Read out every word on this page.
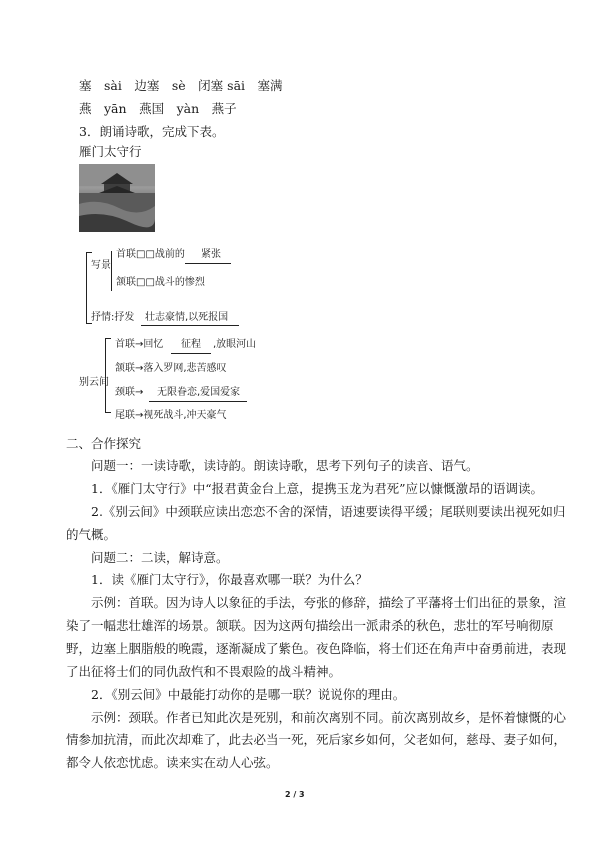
塞　sài　边塞　sè　闭塞 sāi　塞满
燕　yān　燕国　yàn　燕子
3．朗诵诗歌，完成下表。
雁门太守行
写景
首联□□战前的 紧张
颔联□□战斗的惨烈
抒情:抒发 壮志豪情,以死报国
别云间
首联→回忆 征程 ,放眼河山
颔联→落入罗网,悲苦感叹
颈联→ 无限眷恋,爱国爱家
尾联→视死战斗,冲天豪气
二、合作探究
问题一：一读诗歌，读诗韵。朗读诗歌，思考下列句子的读音、语气。
1．《雁门太守行》中“报君黄金台上意，提携玉龙为君死”应以慷慨激昂的语调读。
2.《别云间》中颈联应读出恋恋不舍的深情，语速要读得平缓；尾联则要读出视死如归
的气概。
问题二：二读，解诗意。
1．读《雁门太守行》，你最喜欢哪一联？为什么？
示例：首联。因为诗人以象征的手法，夸张的修辞，描绘了平藩将士们出征的景象，渲
染了一幅悲壮雄浑的场景。颔联。因为这两句描绘出一派肃杀的秋色，悲壮的军号响彻原
野，边塞上胭脂般的晚霞，逐渐凝成了紫色。夜色降临，将士们还在角声中奋勇前进，表现
了出征将士们的同仇敌忾和不畏艰险的战斗精神。
2．《别云间》中最能打动你的是哪一联？说说你的理由。
示例：颈联。作者已知此次是死别，和前次离别不同。前次离别故乡，是怀着慷慨的心
情参加抗清，而此次却难了，此去必当一死，死后家乡如何，父老如何，慈母、妻子如何，
都令人依恋忧虑。读来实在动人心弦。
2 / 3
